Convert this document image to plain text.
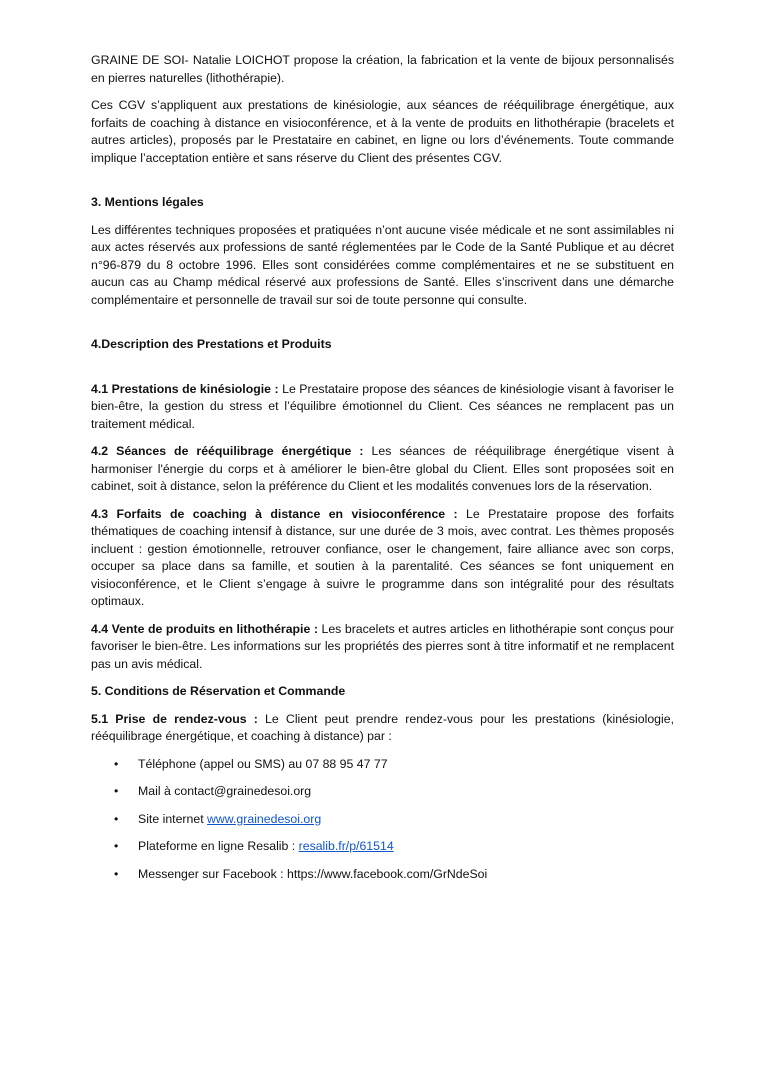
GRAINE DE SOI- Natalie LOICHOT propose la création, la fabrication et la vente de bijoux personnalisés en pierres naturelles (lithothérapie).

Ces CGV s’appliquent aux prestations de kinésiologie, aux séances de rééquilibrage énergétique, aux forfaits de coaching à distance en visioconférence, et à la vente de produits en lithothérapie (bracelets et autres articles), proposés par le Prestataire en cabinet, en ligne ou lors d’événements. Toute commande implique l’acceptation entière et sans réserve du Client des présentes CGV.

3. Mentions légales

Les différentes techniques proposées et pratiquées n’ont aucune visée médicale et ne sont assimilables ni aux actes réservés aux professions de santé réglementées par le Code de la Santé Publique et au décret n°96-879 du 8 octobre 1996. Elles sont considérées comme complémentaires et ne se substituent en aucun cas au Champ médical réservé aux professions de Santé. Elles s’inscrivent dans une démarche complémentaire et personnelle de travail sur soi de toute personne qui consulte.

4.Description des Prestations et Produits

4.1 Prestations de kinésiologie : Le Prestataire propose des séances de kinésiologie visant à favoriser le bien-être, la gestion du stress et l’équilibre émotionnel du Client. Ces séances ne remplacent pas un traitement médical.

4.2 Séances de rééquilibrage énergétique : Les séances de rééquilibrage énergétique visent à harmoniser l'énergie du corps et à améliorer le bien-être global du Client. Elles sont proposées soit en cabinet, soit à distance, selon la préférence du Client et les modalités convenues lors de la réservation.

4.3 Forfaits de coaching à distance en visioconférence : Le Prestataire propose des forfaits thématiques de coaching intensif à distance, sur une durée de 3 mois, avec contrat. Les thèmes proposés incluent : gestion émotionnelle, retrouver confiance, oser le changement, faire alliance avec son corps, occuper sa place dans sa famille, et soutien à la parentalité. Ces séances se font uniquement en visioconférence, et le Client s’engage à suivre le programme dans son intégralité pour des résultats optimaux.

4.4 Vente de produits en lithothérapie : Les bracelets et autres articles en lithothérapie sont conçus pour favoriser le bien-être. Les informations sur les propriétés des pierres sont à titre informatif et ne remplacent pas un avis médical.

5. Conditions de Réservation et Commande

5.1 Prise de rendez-vous : Le Client peut prendre rendez-vous pour les prestations (kinésiologie, rééquilibrage énergétique, et coaching à distance) par :

• Téléphone (appel ou SMS) au 07 88 95 47 77
• Mail à contact@grainedesoi.org
• Site internet www.grainedesoi.org
• Plateforme en ligne Resalib : resalib.fr/p/61514
• Messenger sur Facebook : https://www.facebook.com/GrNdeSoi
